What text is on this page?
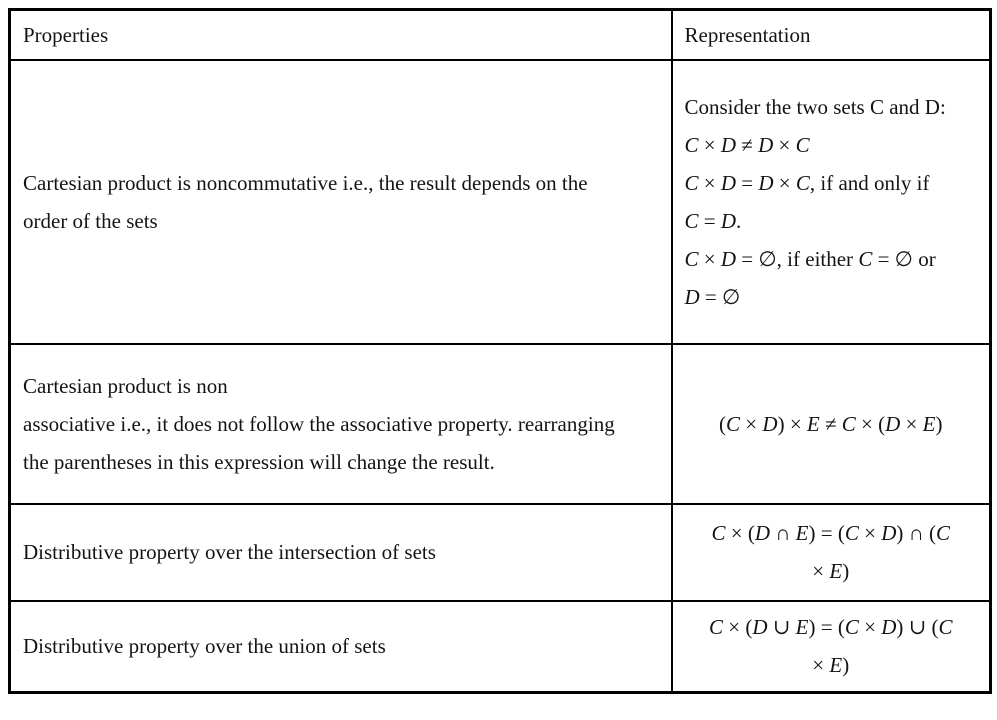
Properties	Representation

Cartesian product is noncommutative i.e., the result depends on the order of the sets	Consider the two sets C and D:
C × D ≠ D × C
C × D = D × C, if and only if C = D.
C × D = ∅, if either C = ∅ or D = ∅

Cartesian product is non
associative i.e., it does not follow the associative property. rearranging the parentheses in this expression will change the result.	(C × D) × E ≠ C × (D × E)

Distributive property over the intersection of sets	C × (D ∩ E) = (C × D) ∩ (C
× E)

Distributive property over the union of sets	C × (D ∪ E) = (C × D) ∪ (C
× E)
